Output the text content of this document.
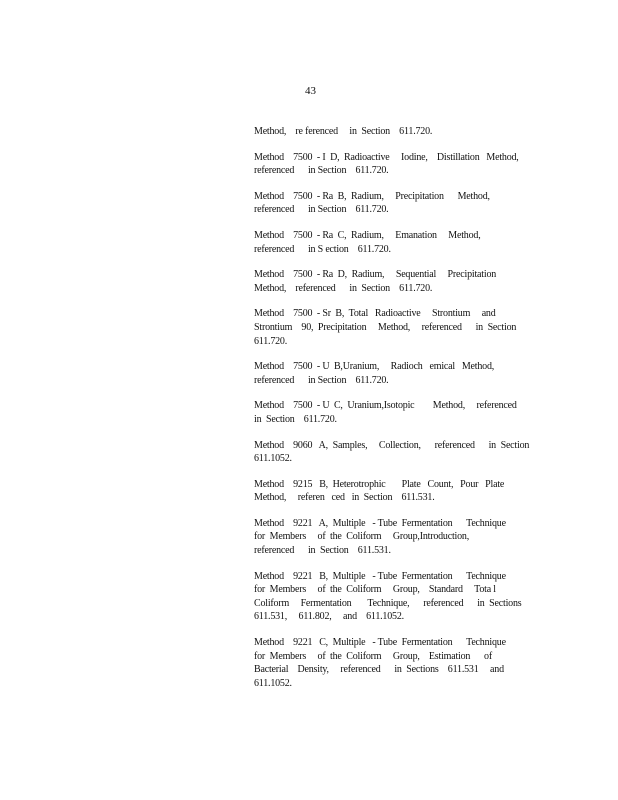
43
Method,    re ferenced     in  Section    611.720.
Method    7500  - I  D,  Radioactive     Iodine,    Distillation   Method,
referenced      in Section    611.720.
Method    7500  - Ra  B,  Radium,     Precipitation      Method,
referenced      in Section    611.720.
Method    7500  - Ra  C,  Radium,     Emanation     Method,
referenced      in S ection    611.720.
Method    7500  - Ra  D,  Radium,     Sequential     Precipitation
Method,    referenced      in  Section    611.720.
Method    7500  - Sr  B,  Total   Radioactive     Strontium     and
Strontium    90,  Precipitation     Method,     referenced      in  Section
611.720.
Method    7500  - U  B,Uranium,     Radioch   emical   Method,
referenced      in Section    611.720.
Method    7500  - U  C,  Uranium,Isotopic        Method,     referenced
in  Section    611.720.
Method    9060   A,  Samples,     Collection,      referenced      in  Section
611.1052.
Method    9215   B,  Heterotrophic       Plate   Count,   Pour   Plate
Method,     referen   ced   in  Section    611.531.
Method    9221   A,  Multiple   - Tube  Fermentation      Technique
for  Members     of  the  Coliform     Group,Introduction,
referenced      in  Section    611.531.
Method    9221   B,  Multiple   - Tube  Fermentation      Technique
for  Members     of  the  Coliform     Group,    Standard     Tota l
Coliform     Fermentation       Technique,      referenced      in  Sections
611.531,     611.802,     and    611.1052.
Method    9221   C,  Multiple   - Tube  Fermentation      Technique
for  Members     of  the  Coliform     Group,    Estimation      of
Bacterial    Density,     referenced      in  Sections    611.531     and
611.1052.
